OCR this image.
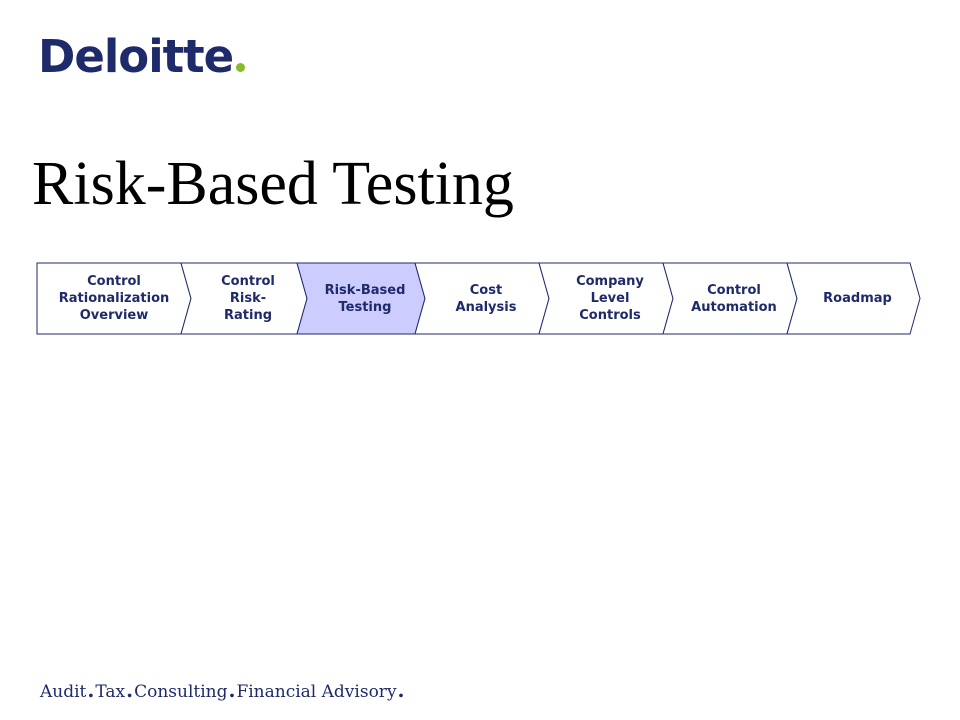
Deloitte
Risk-Based Testing
Control
Rationalization
Overview
Control
Risk-
Rating
Risk-Based
Testing
Cost
Analysis
Company
Level
Controls
Control
Automation
Roadmap
Audit.Tax.Consulting.Financial Advisory.
